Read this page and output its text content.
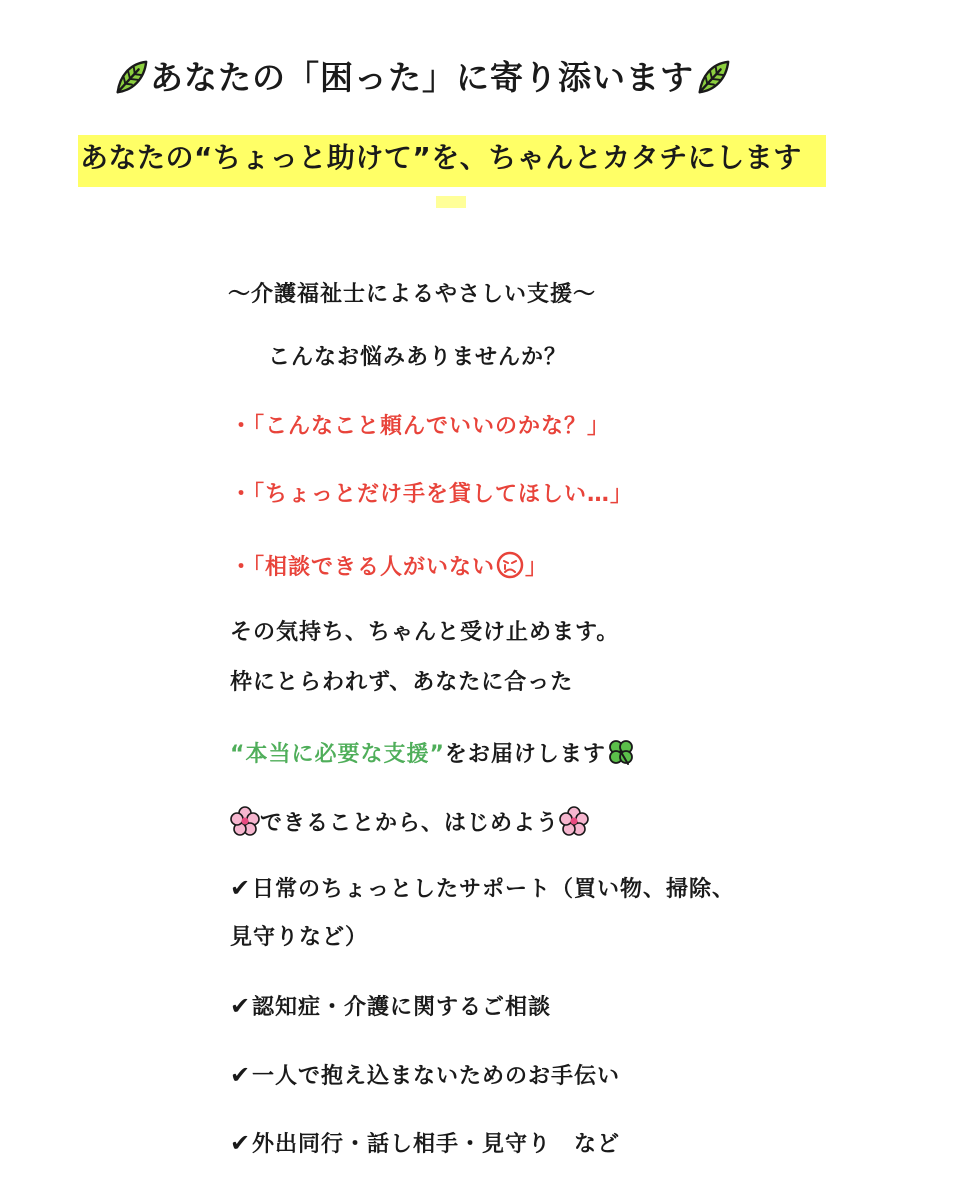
あなたの「困った」に寄り添います
あなたの“ちょっと助けて”を、ちゃんとカタチにします
〜介護福祉士によるやさしい支援〜
こんなお悩みありませんか？
・「こんなこと頼んでいいのかな？」
・「ちょっとだけ手を貸してほしい…」
・「相談できる人がいない 」
その気持ち、ちゃんと受け止めます。
枠にとらわれず、あなたに合った
“本当に必要な支援”をお届けします
できることから、はじめよう
✔日常のちょっとしたサポート（買い物、掃除、
見守りなど）
✔認知症・介護に関するご相談
✔一人で抱え込まないためのお手伝い
✔外出同行・話し相手・見守り　など
